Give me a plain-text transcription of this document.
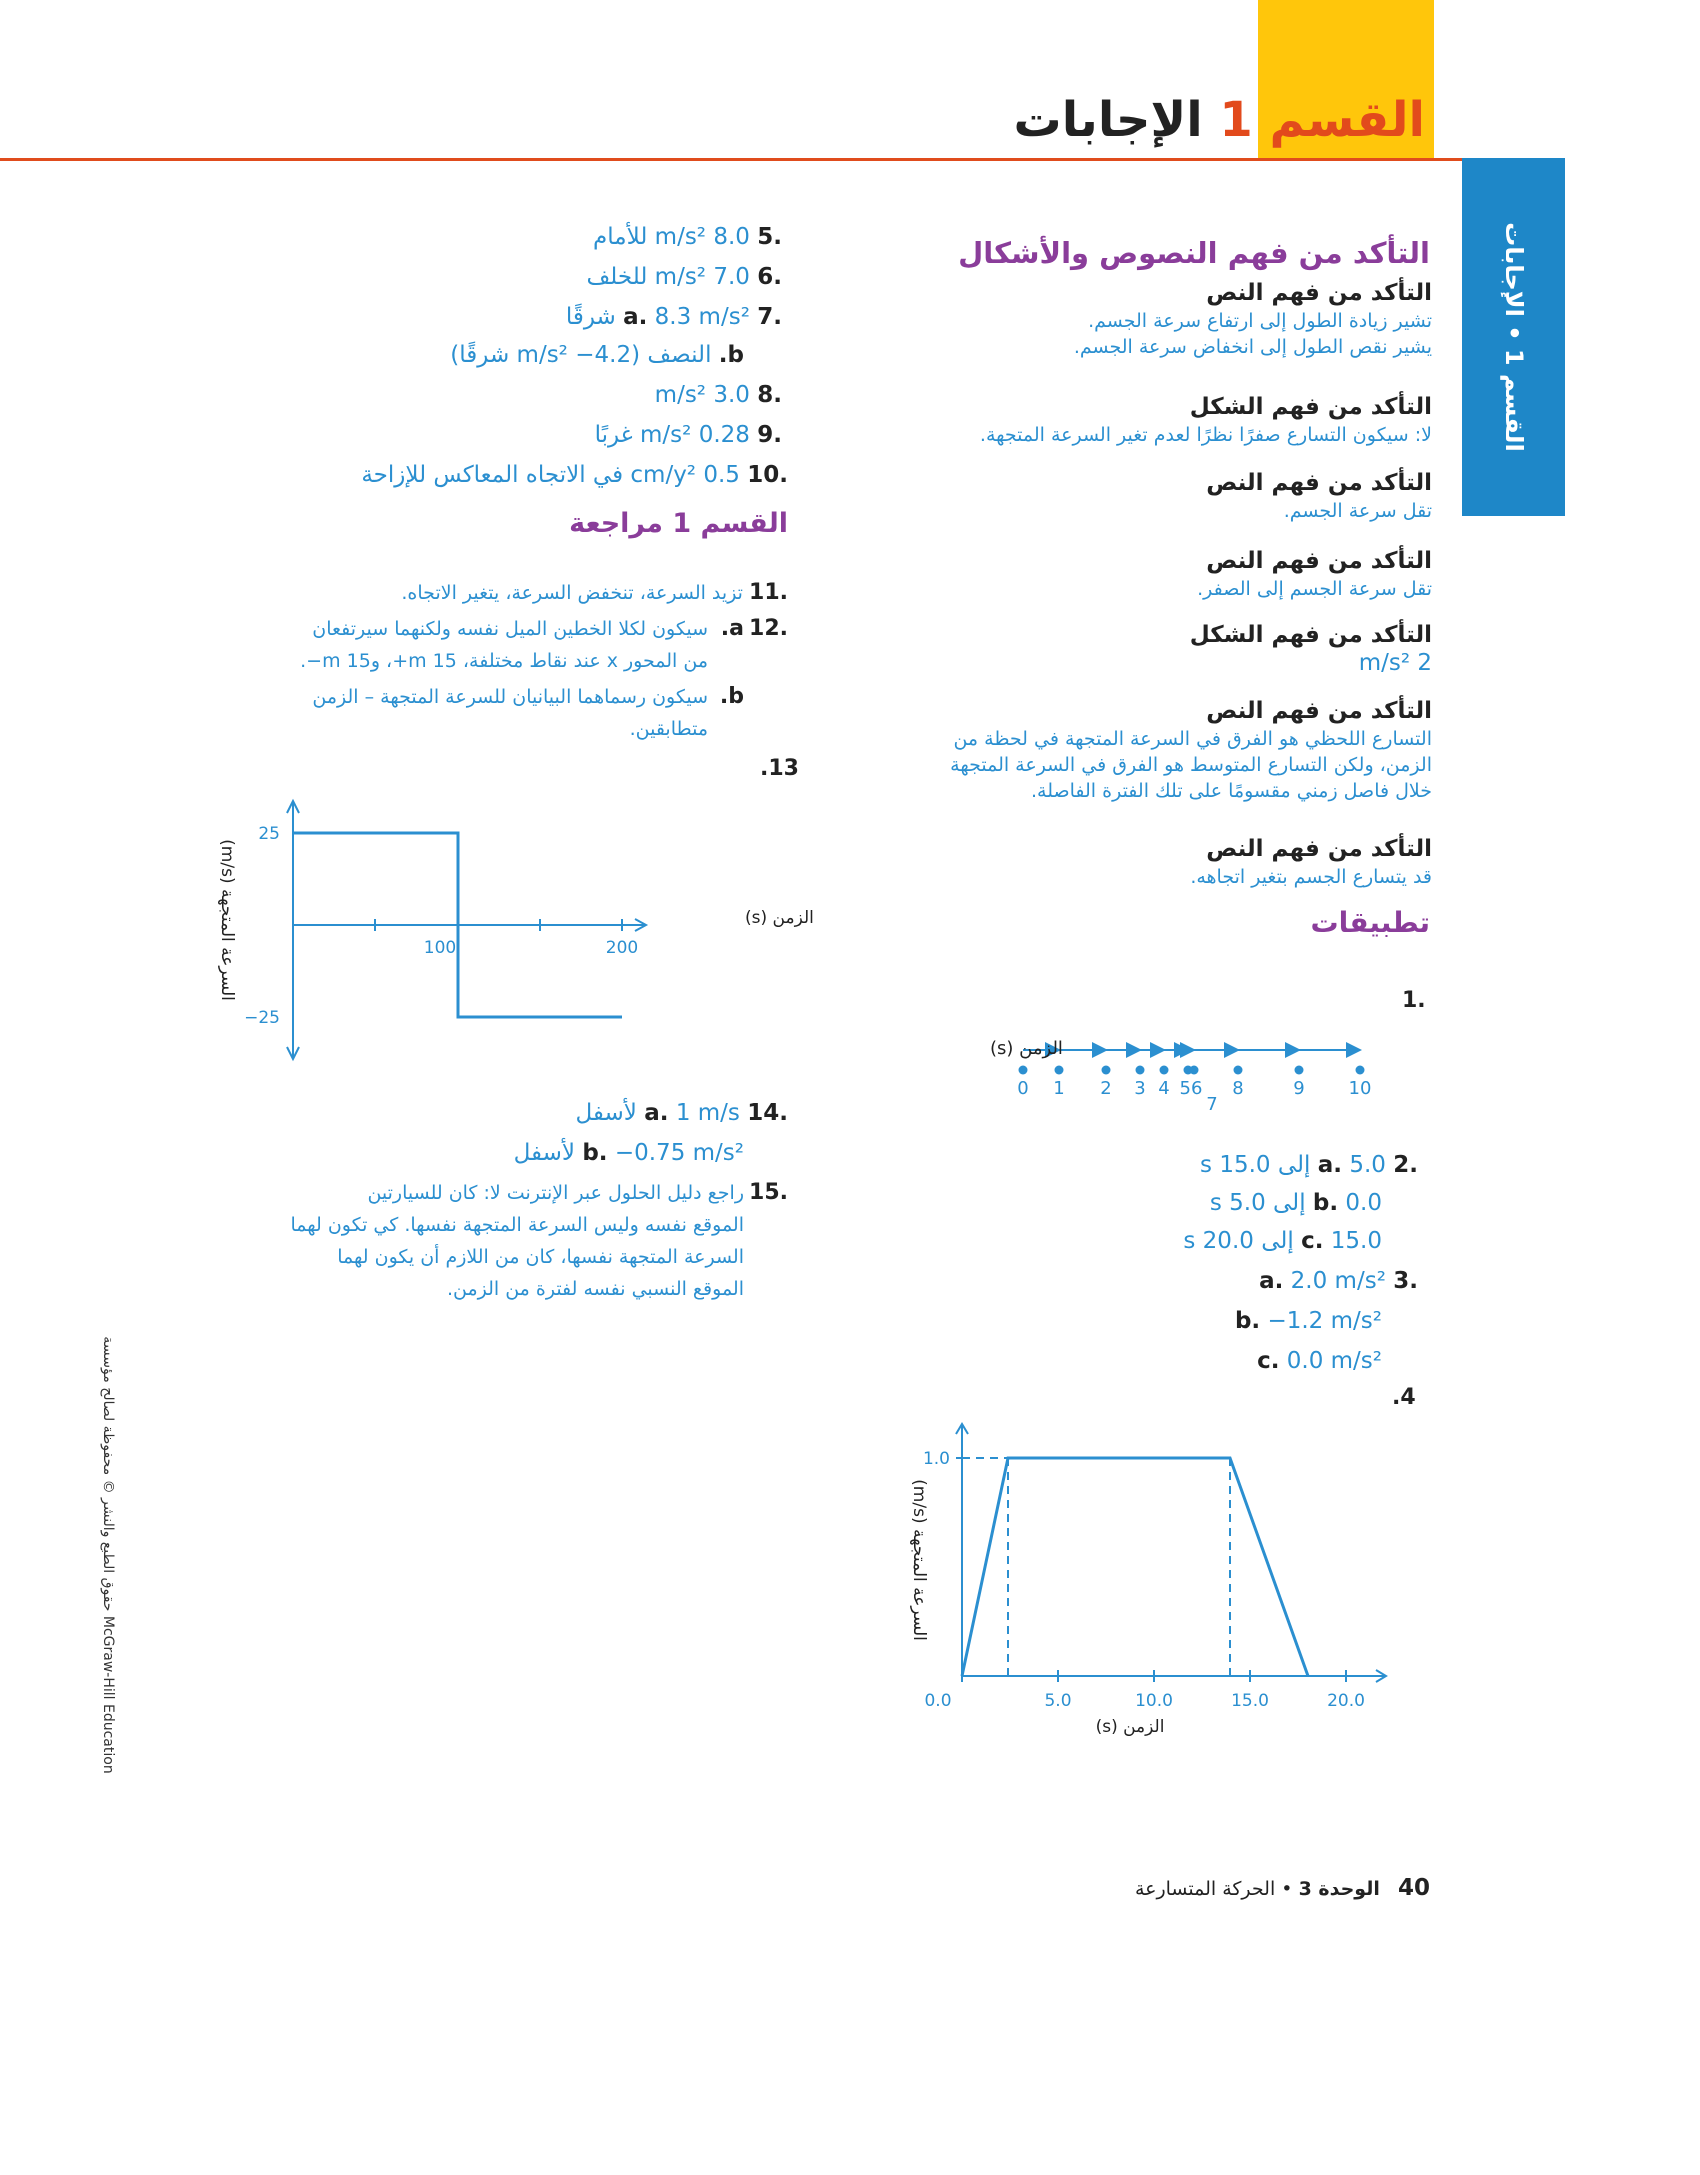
القسم 1 الإجابات
القسم 1 • الإجابات
التأكد من فهم النصوص والأشكال
التأكد من فهم النص
تشير زيادة الطول إلى ارتفاع سرعة الجسم.
يشير نقص الطول إلى انخفاض سرعة الجسم.
التأكد من فهم الشكل
لا: سيكون التسارع صفرًا نظرًا لعدم تغير السرعة المتجهة.
التأكد من فهم النص
تقل سرعة الجسم.
التأكد من فهم النص
تقل سرعة الجسم إلى الصفر.
التأكد من فهم الشكل
2 m/s²
التأكد من فهم النص
التسارع اللحظي هو الفرق في السرعة المتجهة في لحظة من
الزمن، ولكن التسارع المتوسط هو الفرق في السرعة المتجهة
خلال فاصل زمني مقسومًا على تلك الفترة الفاصلة.
التأكد من فهم النص
قد يتسارع الجسم بتغير اتجاهه.
تطبيقات
1.
0 1 2 3 4 56 8	9 10
7
الزمن (s)
.2 a. 5.0 إلى 15.0 s
b. 0.0 إلى 5.0 s
c. 15.0 إلى 20.0 s
.3 a. 2.0 m/s²
b. −1.2 m/s²
c. 0.0 m/s²
.4
1.0
0.0	5.0	10.0	15.0	20.0
الزمن (s)
السرعة المتجهة (m/s)
.5 8.0 m/s² للأمام
.6 7.0 m/s² للخلف
.7 a. 8.3 m/s² شرقًا
b. النصف (4.2− m/s² شرقًا)
.8 3.0 m/s²
.9 0.28 m/s² غربًا
.10 0.5 cm/y² في الاتجاه المعاكس للإزاحة
القسم 1 مراجعة
.11 تزيد السرعة، تنخفض السرعة، يتغير الاتجاه.
.12 a.
سيكون لكلا الخطين الميل نفسه ولكنهما سيرتفعان
من المحور x عند نقاط مختلفة، m 15+، و15 m−.
b.
سيكون رسماهما البيانيان للسرعة المتجهة – الزمن
متطابقين.
.13
25
−25
100	200
الزمن (s)
السرعة المتجهة (m/s)
.14 a. 1 m/s لأسفل
b. −0.75 m/s² لأسفل
.15
راجع دليل الحلول عبر الإنترنت لا: كان للسيارتين
الموقع نفسه وليس السرعة المتجهة نفسها. كي تكون لهما
السرعة المتجهة نفسها، كان من اللازم أن يكون لهما
الموقع النسبي نفسه لفترة من الزمن.
McGraw-Hill Education حقوق الطبع والنشر © محفوظة لصالح مؤسسة
40   الوحدة 3 • الحركة المتسارعة
